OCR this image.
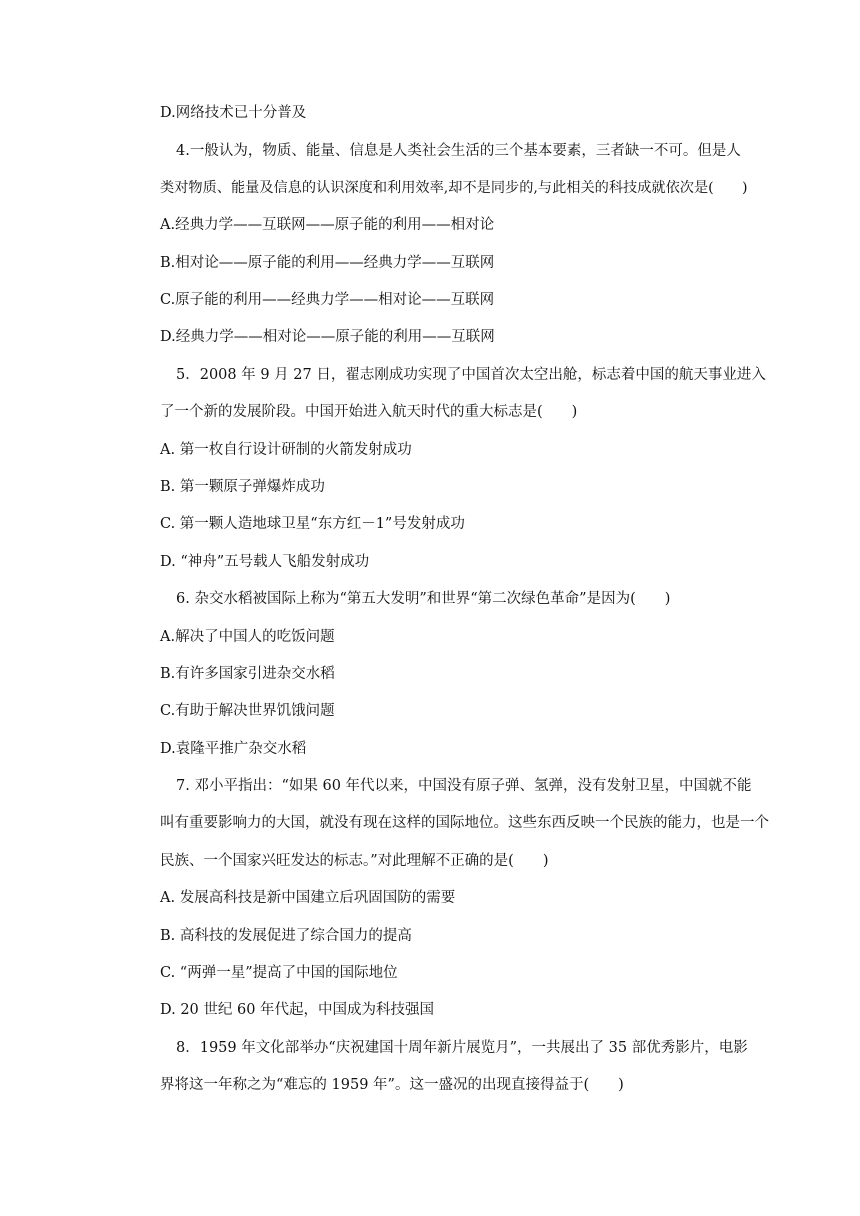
D.网络技术已十分普及
4.一般认为，物质、能量、信息是人类社会生活的三个基本要素，三者缺一不可。但是人
类对物质、能量及信息的认识深度和利用效率,却不是同步的,与此相关的科技成就依次是(　　)
A.经典力学——互联网——原子能的利用——相对论
B.相对论——原子能的利用——经典力学——互联网
C.原子能的利用——经典力学——相对论——互联网
D.经典力学——相对论——原子能的利用——互联网
5．2008 年 9 月 27 日，翟志刚成功实现了中国首次太空出舱，标志着中国的航天事业进入
了一个新的发展阶段。中国开始进入航天时代的重大标志是(　　)
A. 第一枚自行设计研制的火箭发射成功
B. 第一颗原子弹爆炸成功
C. 第一颗人造地球卫星“东方红－1”号发射成功
D. “神舟”五号载人飞船发射成功
6. 杂交水稻被国际上称为“第五大发明”和世界“第二次绿色革命”是因为(　　)
A.解决了中国人的吃饭问题
B.有许多国家引进杂交水稻
C.有助于解决世界饥饿问题
D.袁隆平推广杂交水稻
7. 邓小平指出：“如果 60 年代以来，中国没有原子弹、氢弹，没有发射卫星，中国就不能
叫有重要影响力的大国，就没有现在这样的国际地位。这些东西反映一个民族的能力，也是一个
民族、一个国家兴旺发达的标志。”对此理解不正确的是(　　)
A. 发展高科技是新中国建立后巩固国防的需要
B. 高科技的发展促进了综合国力的提高
C. “两弹一星”提高了中国的国际地位
D. 20 世纪 60 年代起，中国成为科技强国
8．1959 年文化部举办“庆祝建国十周年新片展览月”，一共展出了 35 部优秀影片，电影
界将这一年称之为“难忘的 1959 年”。这一盛况的出现直接得益于(　　)
